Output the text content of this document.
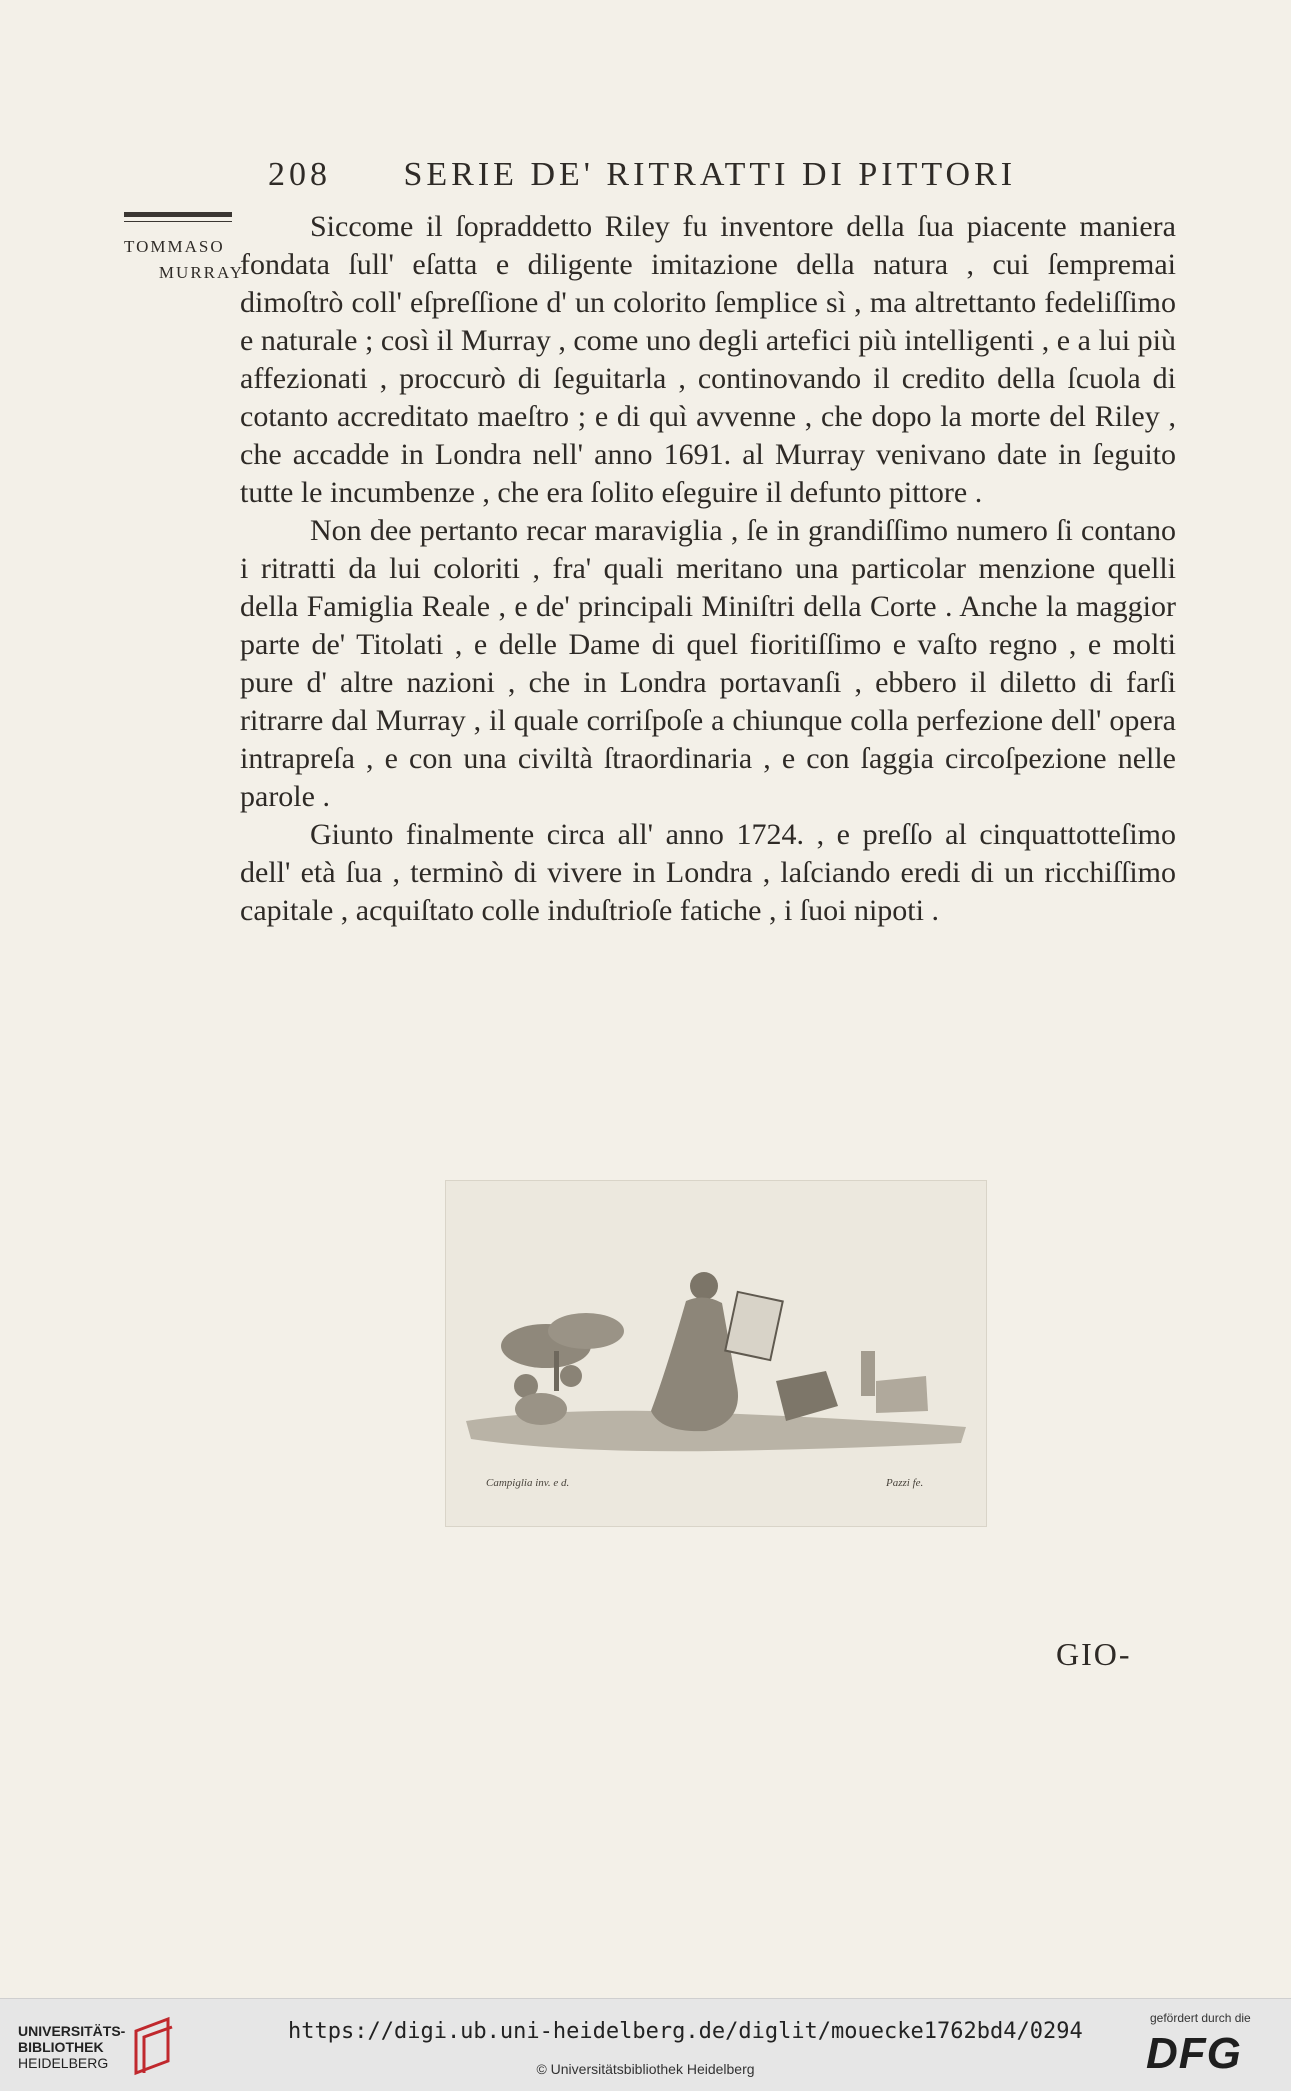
208 SERIE DE' RITRATTI DI PITTORI
TOMMASO
MURRAY

Siccome il ſopraddetto Riley fu inventore della ſua piacente maniera fondata ſull' eſatta e diligente imitazione della natura , cui ſempremai dimoſtrò coll' eſpreſſione d' un colorito ſemplice sì , ma altrettanto fedeliſſimo e naturale ; così il Murray , come uno degli artefici più intelligenti , e a lui più affezionati , proccurò di ſeguitarla , continovando il credito della ſcuola di cotanto accreditato maeſtro ; e di quì avvenne , che dopo la morte del Riley , che accadde in Londra nell' anno 1691. al Murray venivano date in ſeguito tutte le incumbenze , che era ſolito eſeguire il defunto pittore .

Non dee pertanto recar maraviglia , ſe in grandiſſimo numero ſi contano i ritratti da lui coloriti , fra' quali meritano una particolar menzione quelli della Famiglia Reale , e de' principali Miniſtri della Corte . Anche la maggior parte de' Titolati , e delle Dame di quel fioritiſſimo e vaſto regno , e molti pure d' altre nazioni , che in Londra portavanſi , ebbero il diletto di farſi ritrarre dal Murray , il quale corriſpoſe a chiunque colla perfezione dell' opera intrapreſa , e con una civiltà ſtraordinaria , e con ſaggia circoſpezione nelle parole .

Giunto finalmente circa all' anno 1724. , e preſſo al cinquattotteſimo dell' età ſua , terminò di vivere in Londra , laſciando eredi di un ricchiſſimo capitale , acquiſtato colle induſtrioſe fatiche , i ſuoi nipoti .

Campiglia inv. e d.	Pazzi fe.
GIO-
UNIVERSITÄTS-
BIBLIOTHEK
HEIDELBERG
https://digi.ub.uni-heidelberg.de/diglit/mouecke1762bd4/0294
© Universitätsbibliothek Heidelberg
gefördert durch die
DFG
